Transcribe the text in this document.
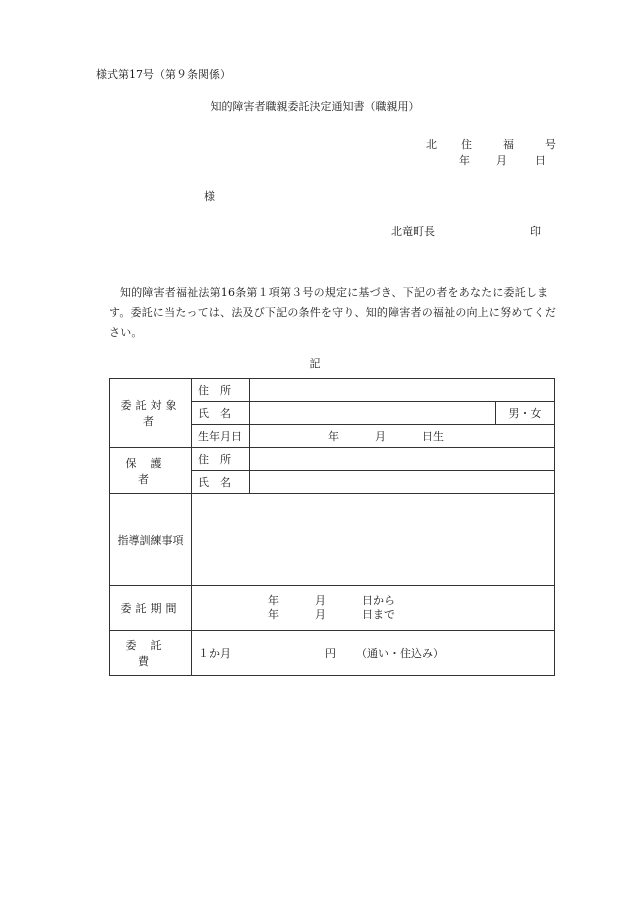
様式第17号（第９条関係）
知的障害者職親委託決定通知書（職親用）
北 住	福	号
年 月	日
様
北竜町長	印
知的障害者福祉法第16条第１項第３号の規定に基づき、下記の者をあなたに委託します。委託に当たっては、法及び下記の条件を守り、知的障害者の福祉の向上に努めてください。
記
委託対象者	住　所		
	氏　名		男・女
	生年月日	年 月 日生	
保護者	住　所		
	氏　名		
指導訓練事項			
委託期間	年 月 日から
年 月 日まで		

委託費	１か月 円 （通い・住込み）		
